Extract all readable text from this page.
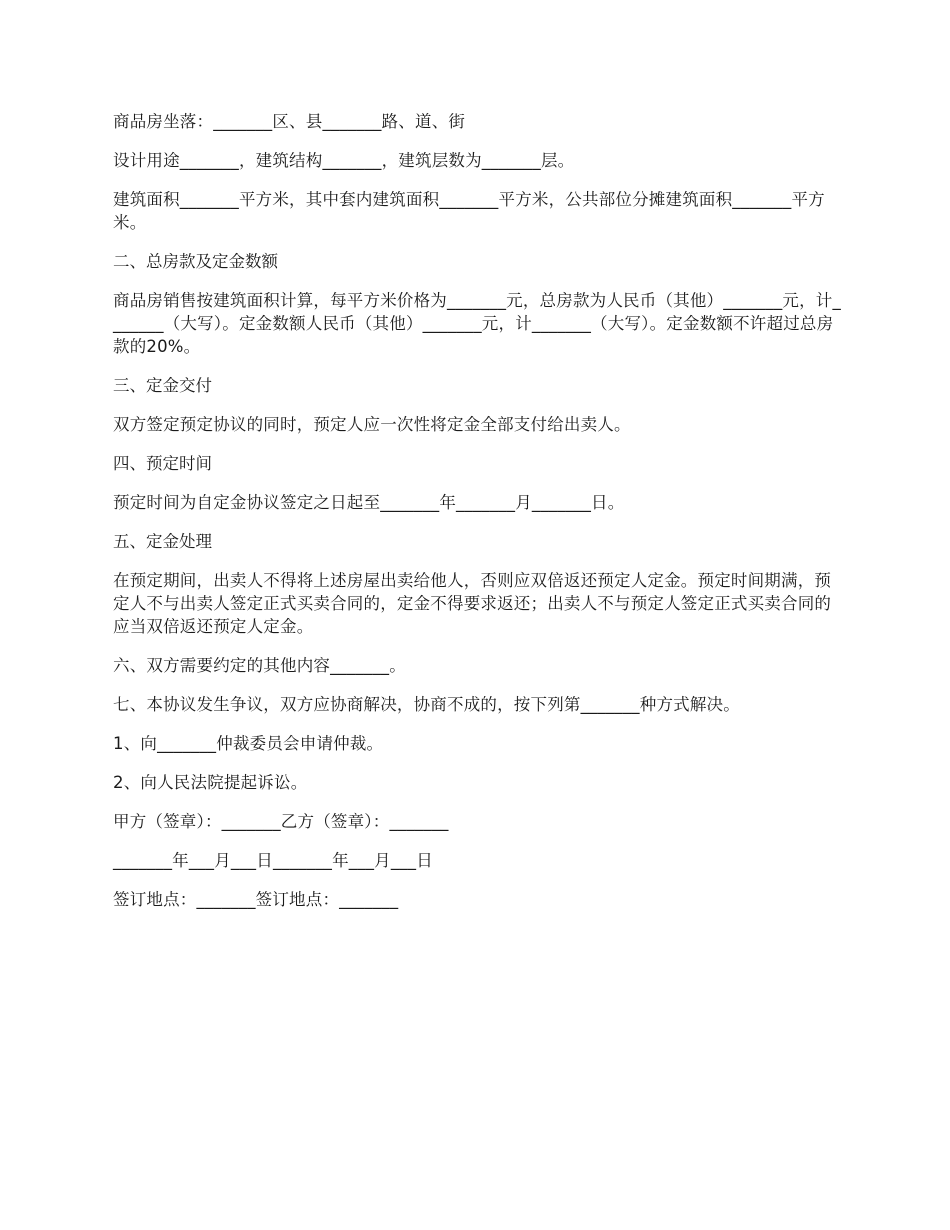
商品房坐落：_______区、县_______路、道、街

设计用途_______，建筑结构_______，建筑层数为_______层。

建筑面积_______平方米，其中套内建筑面积_______平方米，公共部位分摊建筑面积_______平方米。

二、总房款及定金数额

商品房销售按建筑面积计算，每平方米价格为_______元，总房款为人民币（其他）_______元，计_______（大写）。定金数额人民币（其他）_______元，计_______（大写）。定金数额不许超过总房款的20%。

三、定金交付

双方签定预定协议的同时，预定人应一次性将定金全部支付给出卖人。

四、预定时间

预定时间为自定金协议签定之日起至_______年_______月_______日。

五、定金处理

在预定期间，出卖人不得将上述房屋出卖给他人，否则应双倍返还预定人定金。预定时间期满，预定人不与出卖人签定正式买卖合同的，定金不得要求返还；出卖人不与预定人签定正式买卖合同的应当双倍返还预定人定金。

六、双方需要约定的其他内容_______。

七、本协议发生争议，双方应协商解决，协商不成的，按下列第_______种方式解决。

1、向_______仲裁委员会申请仲裁。

2、向人民法院提起诉讼。

甲方（签章）：_______乙方（签章）：_______

_______年___月___日_______年___月___日

签订地点：_______签订地点：_______
